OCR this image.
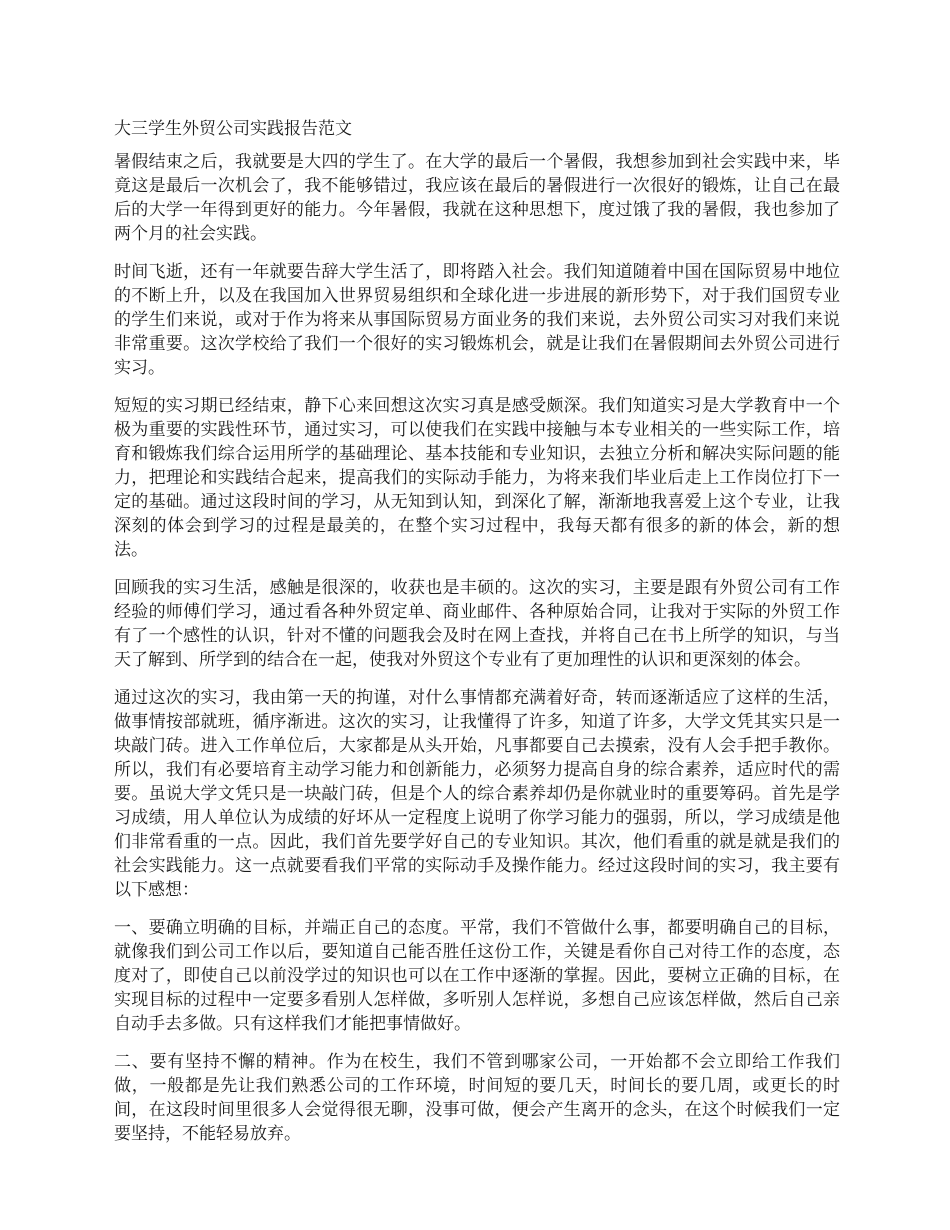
大三学生外贸公司实践报告范文

暑假结束之后，我就要是大四的学生了。在大学的最后一个暑假，我想参加到社会实践中来，毕竟这是最后一次机会了，我不能够错过，我应该在最后的暑假进行一次很好的锻炼，让自己在最后的大学一年得到更好的能力。今年暑假，我就在这种思想下，度过饿了我的暑假，我也参加了两个月的社会实践。

时间飞逝，还有一年就要告辞大学生活了，即将踏入社会。我们知道随着中国在国际贸易中地位的不断上升，以及在我国加入世界贸易组织和全球化进一步进展的新形势下，对于我们国贸专业的学生们来说，或对于作为将来从事国际贸易方面业务的我们来说，去外贸公司实习对我们来说非常重要。这次学校给了我们一个很好的实习锻炼机会，就是让我们在暑假期间去外贸公司进行实习。

短短的实习期已经结束，静下心来回想这次实习真是感受颇深。我们知道实习是大学教育中一个极为重要的实践性环节，通过实习，可以使我们在实践中接触与本专业相关的一些实际工作，培育和锻炼我们综合运用所学的基础理论、基本技能和专业知识，去独立分析和解决实际问题的能力，把理论和实践结合起来，提高我们的实际动手能力，为将来我们毕业后走上工作岗位打下一定的基础。通过这段时间的学习，从无知到认知，到深化了解，渐渐地我喜爱上这个专业，让我深刻的体会到学习的过程是最美的，在整个实习过程中，我每天都有很多的新的体会，新的想法。

回顾我的实习生活，感触是很深的，收获也是丰硕的。这次的实习，主要是跟有外贸公司有工作经验的师傅们学习，通过看各种外贸定单、商业邮件、各种原始合同，让我对于实际的外贸工作有了一个感性的认识，针对不懂的问题我会及时在网上查找，并将自己在书上所学的知识，与当天了解到、所学到的结合在一起，使我对外贸这个专业有了更加理性的认识和更深刻的体会。

通过这次的实习，我由第一天的拘谨，对什么事情都充满着好奇，转而逐渐适应了这样的生活，做事情按部就班，循序渐进。这次的实习，让我懂得了许多，知道了许多，大学文凭其实只是一块敲门砖。进入工作单位后，大家都是从头开始，凡事都要自己去摸索，没有人会手把手教你。所以，我们有必要培育主动学习能力和创新能力，必须努力提高自身的综合素养，适应时代的需要。虽说大学文凭只是一块敲门砖，但是个人的综合素养却仍是你就业时的重要筹码。首先是学习成绩，用人单位认为成绩的好坏从一定程度上说明了你学习能力的强弱，所以，学习成绩是他们非常看重的一点。因此，我们首先要学好自己的专业知识。其次，他们看重的就是就是我们的社会实践能力。这一点就要看我们平常的实际动手及操作能力。经过这段时间的实习，我主要有以下感想：

一、要确立明确的目标，并端正自己的态度。平常，我们不管做什么事，都要明确自己的目标，就像我们到公司工作以后，要知道自己能否胜任这份工作，关键是看你自己对待工作的态度，态度对了，即使自己以前没学过的知识也可以在工作中逐渐的掌握。因此，要树立正确的目标，在实现目标的过程中一定要多看别人怎样做，多听别人怎样说，多想自己应该怎样做，然后自己亲自动手去多做。只有这样我们才能把事情做好。

二、要有坚持不懈的精神。作为在校生，我们不管到哪家公司，一开始都不会立即给工作我们做，一般都是先让我们熟悉公司的工作环境，时间短的要几天，时间长的要几周，或更长的时间，在这段时间里很多人会觉得很无聊，没事可做，便会产生离开的念头，在这个时候我们一定要坚持，不能轻易放弃。
